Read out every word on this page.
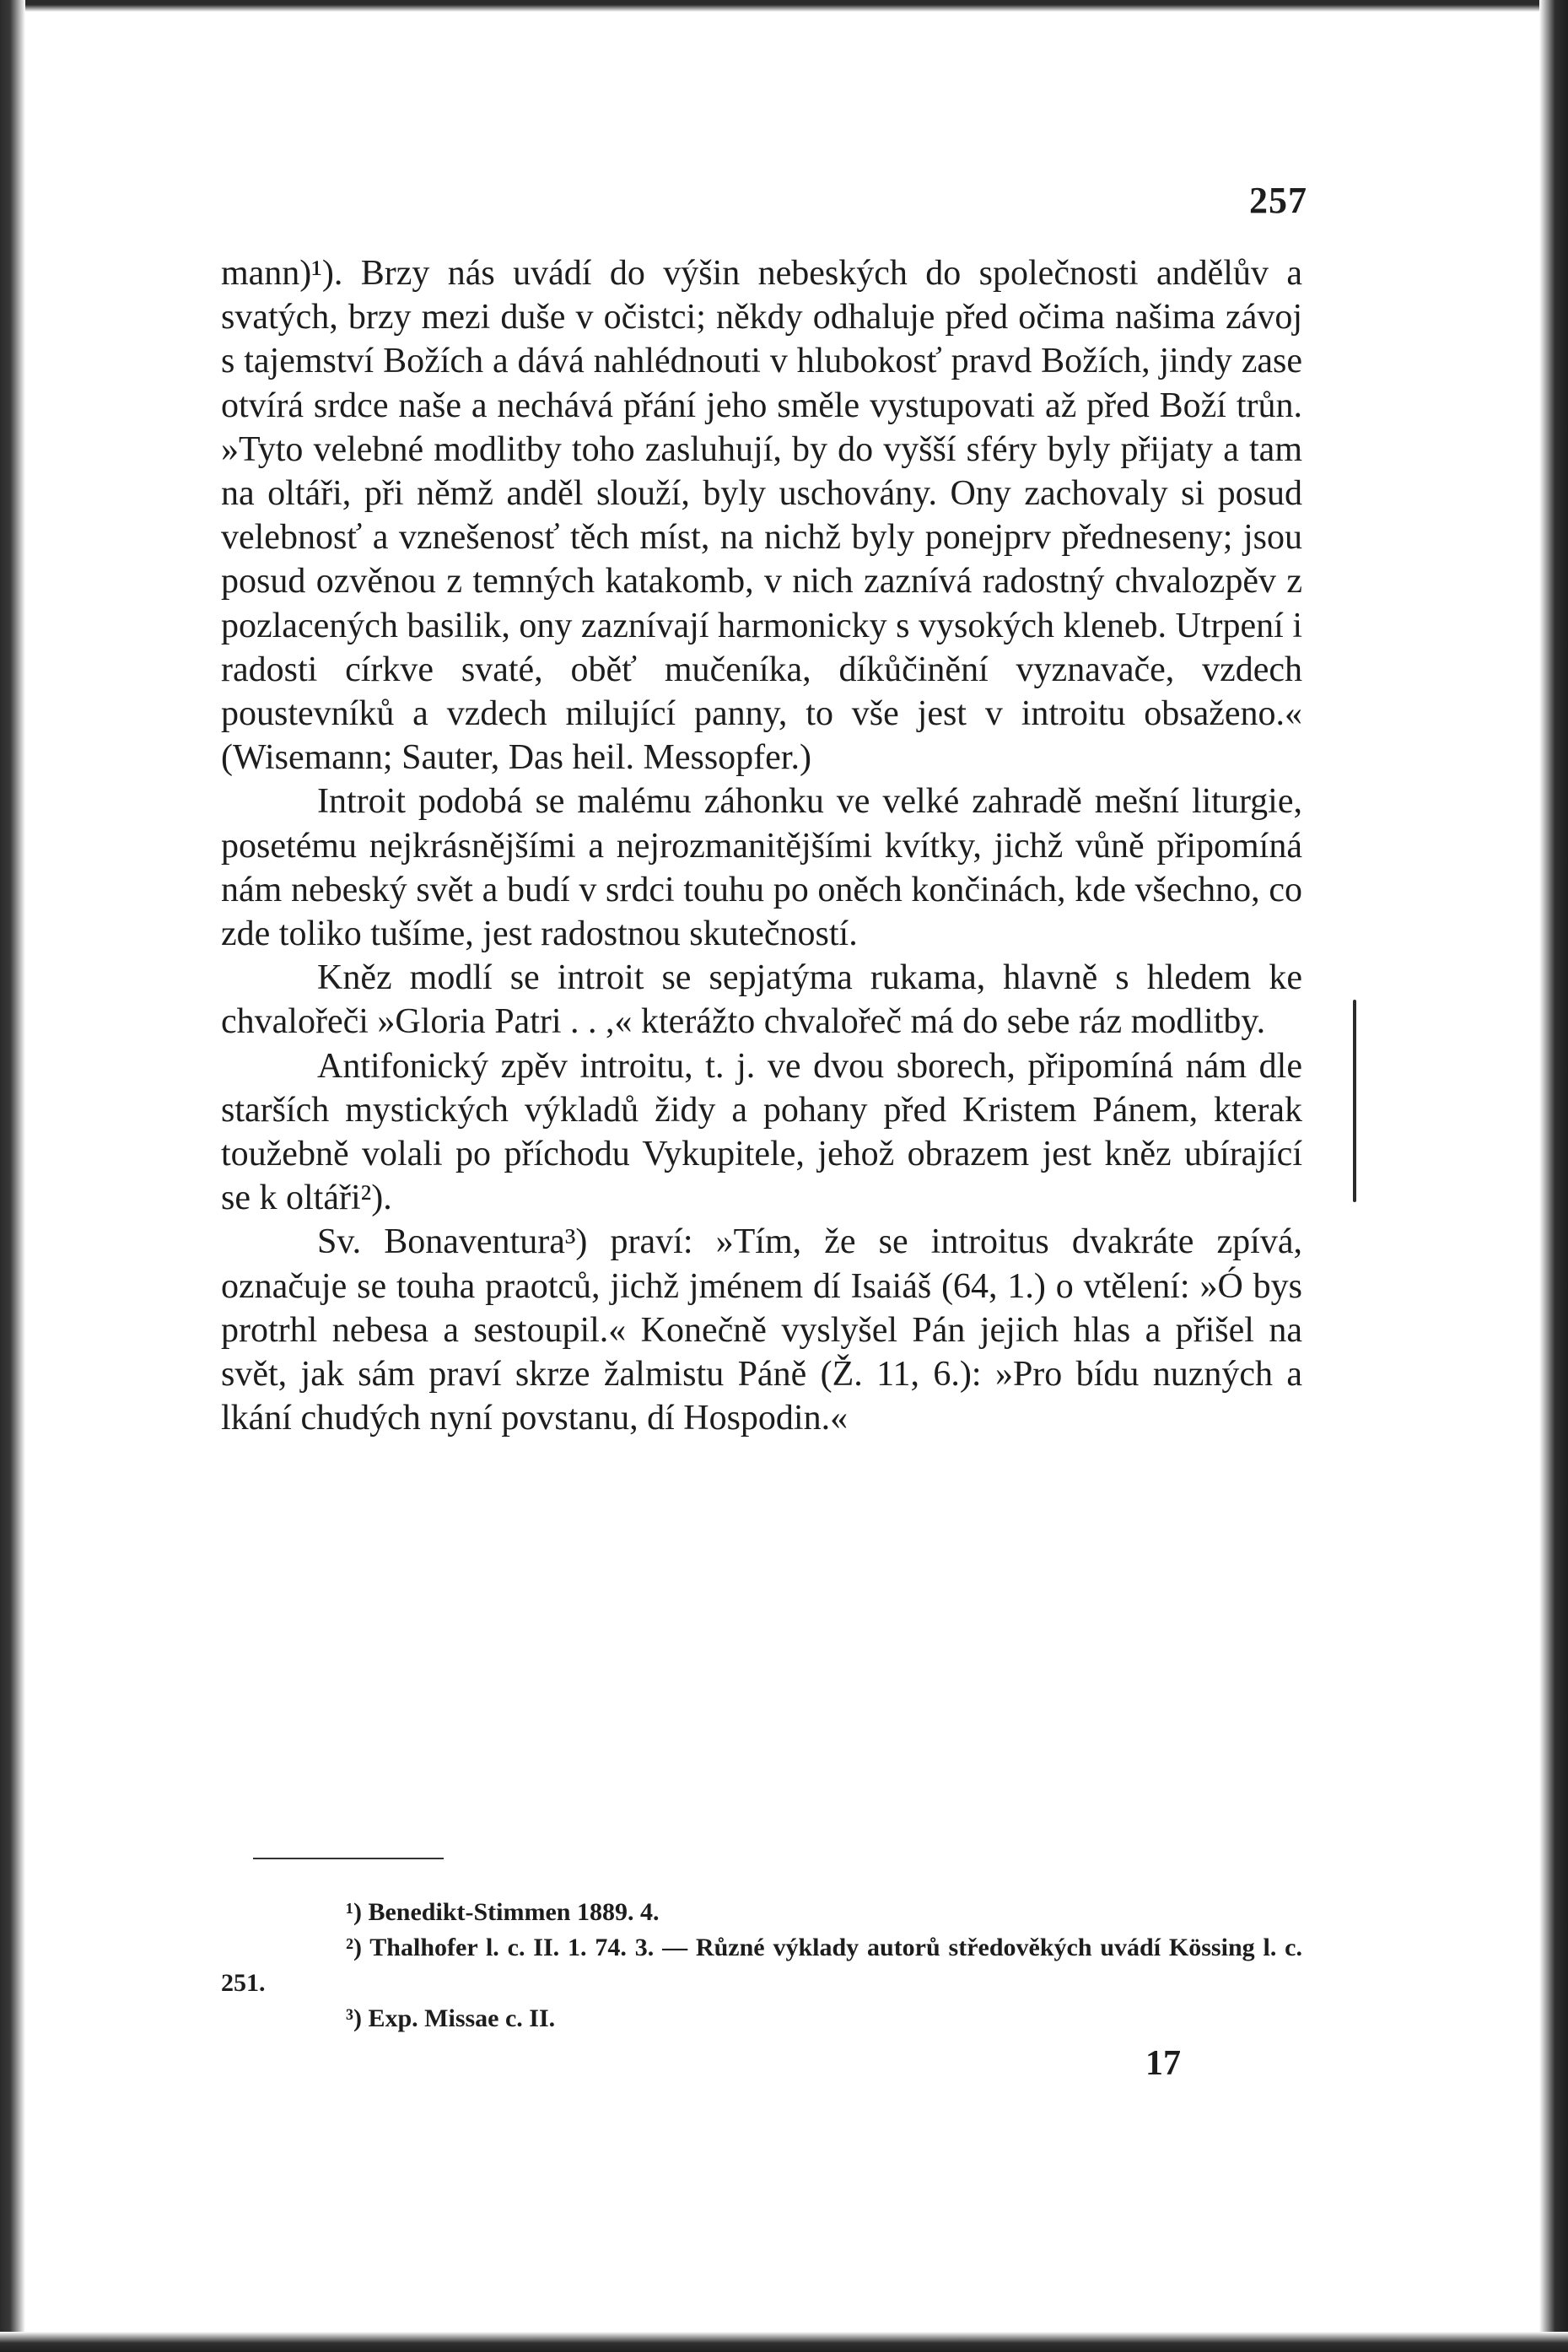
257

mann)¹). Brzy nás uvádí do výšin nebeských do společnosti andělův a svatých, brzy mezi duše v očistci; někdy odhaluje před očima našima závoj s tajemství Božích a dává nahlédnouti v hlubokosť pravd Božích, jindy zase otvírá srdce naše a nechává přání jeho směle vystupovati až před Boží trůn. »Tyto velebné modlitby toho zasluhují, by do vyšší sféry byly přijaty a tam na oltáři, při němž anděl slouží, byly uschovány. Ony zachovaly si posud velebnosť a vznešenosť těch míst, na nichž byly ponejprv předneseny; jsou posud ozvěnou z temných katakomb, v nich zaznívá radostný chvalozpěv z pozlacených basilik, ony zaznívají harmonicky s vysokých kleneb. Utrpení i radosti církve svaté, oběť mučeníka, díkůčinění vyznavače, vzdech poustevníků a vzdech milující panny, to vše jest v introitu obsaženo.« (Wisemann; Sauter, Das heil. Messopfer.)

Introit podobá se malému záhonku ve velké zahradě mešní liturgie, posetému nejkrásnějšími a nejrozmanitějšími kvítky, jichž vůně připomíná nám nebeský svět a budí v srdci touhu po oněch končinách, kde všechno, co zde toliko tušíme, jest radostnou skutečností.

Kněz modlí se introit se sepjatýma rukama, hlavně s hledem ke chvalořeči »Gloria Patri . . ,« kterážto chvalořeč má do sebe ráz modlitby.

Antifonický zpěv introitu, t. j. ve dvou sborech, připomíná nám dle starších mystických výkladů židy a pohany před Kristem Pánem, kterak toužebně volali po příchodu Vykupitele, jehož obrazem jest kněz ubírající se k oltáři²).

Sv. Bonaventura³) praví: »Tím, že se introitus dvakráte zpívá, označuje se touha praotců, jichž jménem dí Isaiáš (64, 1.) o vtělení: »Ó bys protrhl nebesa a sestoupil.« Konečně vyslyšel Pán jejich hlas a přišel na svět, jak sám praví skrze žalmistu Páně (Ž. 11, 6.): »Pro bídu nuzných a lkání chudých nyní povstanu, dí Hospodin.«

¹) Benedikt-Stimmen 1889. 4.

²) Thalhofer l. c. II. 1. 74. 3. — Různé výklady autorů středověkých uvádí Kössing l. c. 251.

³) Exp. Missae c. II.

17
